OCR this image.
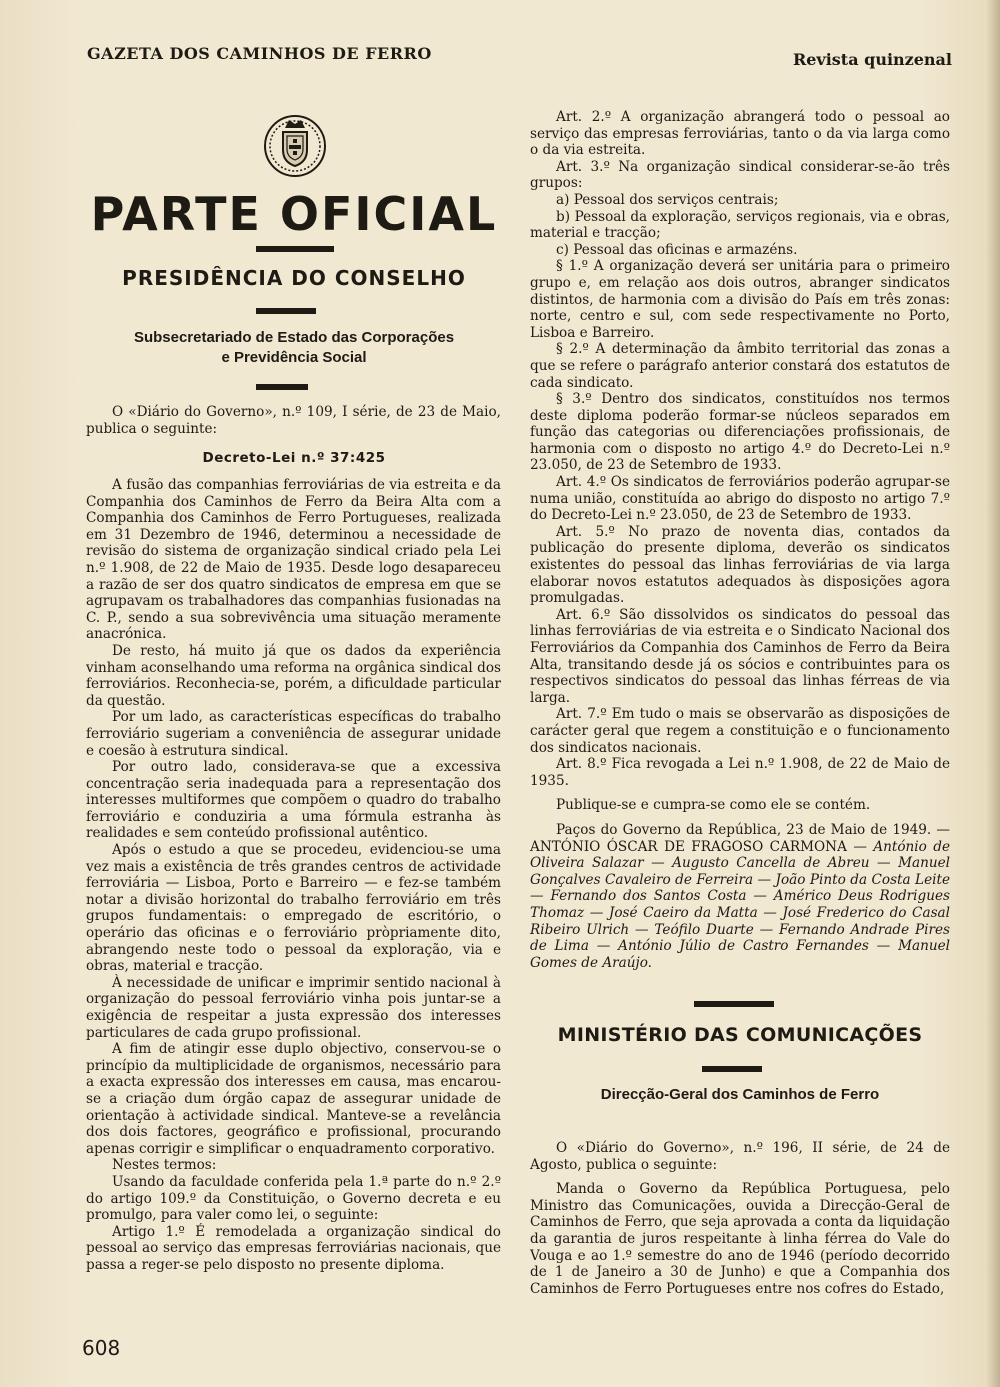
GAZETA DOS CAMINHOS DE FERRO	Revista quinzenal
PARTE OFICIAL
PRESIDÊNCIA DO CONSELHO
Subsecretariado de Estado das Corporações
e Previdência Social

O «Diário do Governo», n.º 109, I série, de 23 de Maio, publica o seguinte:

Decreto-Lei n.º 37:425

A fusão das companhias ferroviárias de via estreita e da Companhia dos Caminhos de Ferro da Beira Alta com a Companhia dos Caminhos de Ferro Portugueses, realizada em 31 Dezembro de 1946, determinou a necessidade de revisão do sistema de organização sindical criado pela Lei n.º 1.908, de 22 de Maio de 1935. Desde logo desapareceu a razão de ser dos quatro sindicatos de empresa em que se agrupavam os trabalhadores das companhias fusionadas na C. P., sendo a sua sobrevivência uma situação meramente anacrónica.

De resto, há muito já que os dados da experiência vinham aconselhando uma reforma na orgânica sindical dos ferroviários. Reconhecia-se, porém, a dificuldade particular da questão.

Por um lado, as características específicas do trabalho ferroviário sugeriam a conveniência de assegurar unidade e coesão à estrutura sindical.

Por outro lado, considerava-se que a excessiva concentração seria inadequada para a representação dos interesses multiformes que compõem o quadro do trabalho ferroviário e conduziria a uma fórmula estranha às realidades e sem conteúdo profissional autêntico.

Após o estudo a que se procedeu, evidenciou-se uma vez mais a existência de três grandes centros de actividade ferroviária — Lisboa, Porto e Barreiro — e fez-se também notar a divisão horizontal do trabalho ferroviário em três grupos fundamentais: o empregado de escritório, o operário das oficinas e o ferroviário pròpriamente dito, abrangendo neste todo o pessoal da exploração, via e obras, material e tracção.

À necessidade de unificar e imprimir sentido nacional à organização do pessoal ferroviário vinha pois juntar-se a exigência de respeitar a justa expressão dos interesses particulares de cada grupo profissional.

A fim de atingir esse duplo objectivo, conservou-se o princípio da multiplicidade de organismos, necessário para a exacta expressão dos interesses em causa, mas encarou-se a criação dum órgão capaz de assegurar unidade de orientação à actividade sindical. Manteve-se a revelância dos dois factores, geográfico e profissional, procurando apenas corrigir e simplificar o enquadramento corporativo.

Nestes termos:

Usando da faculdade conferida pela 1.ª parte do n.º 2.º do artigo 109.º da Constituição, o Governo decreta e eu promulgo, para valer como lei, o seguinte:

Artigo 1.º É remodelada a organização sindical do pessoal ao serviço das empresas ferroviárias nacionais, que passa a reger-se pelo disposto no presente diploma.

Art. 2.º A organização abrangerá todo o pessoal ao serviço das empresas ferroviárias, tanto o da via larga como o da via estreita.

Art. 3.º Na organização sindical considerar-se-ão três grupos:

a) Pessoal dos serviços centrais;

b) Pessoal da exploração, serviços regionais, via e obras, material e tracção;

c) Pessoal das oficinas e armazéns.

§ 1.º A organização deverá ser unitária para o primeiro grupo e, em relação aos dois outros, abranger sindicatos distintos, de harmonia com a divisão do País em três zonas: norte, centro e sul, com sede respectivamente no Porto, Lisboa e Barreiro.

§ 2.º A determinação da âmbito territorial das zonas a que se refere o parágrafo anterior constará dos estatutos de cada sindicato.

§ 3.º Dentro dos sindicatos, constituídos nos termos deste diploma poderão formar-se núcleos separados em função das categorias ou diferenciações profissionais, de harmonia com o disposto no artigo 4.º do Decreto-Lei n.º 23.050, de 23 de Setembro de 1933.

Art. 4.º Os sindicatos de ferroviários poderão agrupar-se numa união, constituída ao abrigo do disposto no artigo 7.º do Decreto-Lei n.º 23.050, de 23 de Setembro de 1933.

Art. 5.º No prazo de noventa dias, contados da publicação do presente diploma, deverão os sindicatos existentes do pessoal das linhas ferroviárias de via larga elaborar novos estatutos adequados às disposições agora promulgadas.

Art. 6.º São dissolvidos os sindicatos do pessoal das linhas ferroviárias de via estreita e o Sindicato Nacional dos Ferroviários da Companhia dos Caminhos de Ferro da Beira Alta, transitando desde já os sócios e contribuintes para os respectivos sindicatos do pessoal das linhas férreas de via larga.

Art. 7.º Em tudo o mais se observarão as disposições de carácter geral que regem a constituição e o funcionamento dos sindicatos nacionais.

Art. 8.º Fica revogada a Lei n.º 1.908, de 22 de Maio de 1935.

Publique-se e cumpra-se como ele se contém.

Paços do Governo da República, 23 de Maio de 1949. — ANTÓNIO ÓSCAR DE FRAGOSO CARMONA — António de Oliveira Salazar — Augusto Cancella de Abreu — Manuel Gonçalves Cavaleiro de Ferreira — João Pinto da Costa Leite — Fernando dos Santos Costa — Américo Deus Rodrigues Thomaz — José Caeiro da Matta — José Frederico do Casal Ribeiro Ulrich — Teófilo Duarte — Fernando Andrade Pires de Lima — António Júlio de Castro Fernandes — Manuel Gomes de Araújo.

MINISTÉRIO DAS COMUNICAÇÕES
Direcção-Geral dos Caminhos de Ferro

O «Diário do Governo», n.º 196, II série, de 24 de Agosto, publica o seguinte:

Manda o Governo da República Portuguesa, pelo Ministro das Comunicações, ouvida a Direcção-Geral de Caminhos de Ferro, que seja aprovada a conta da liquidação da garantia de juros respeitante à linha férrea do Vale do Vouga e ao 1.º semestre do ano de 1946 (período decorrido de 1 de Janeiro a 30 de Junho) e que a Companhia dos Caminhos de Ferro Portugueses entre nos cofres do Estado,

608
